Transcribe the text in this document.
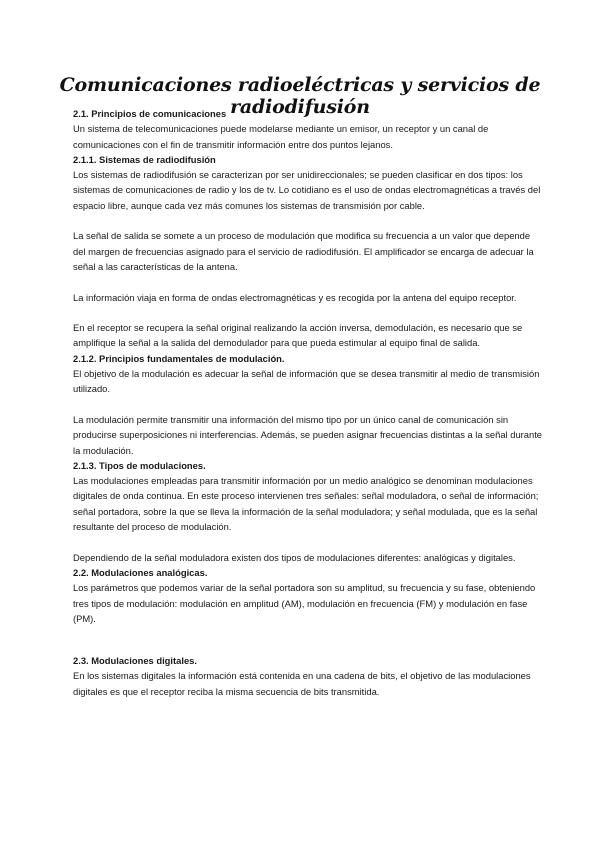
Comunicaciones radioeléctricas y servicios de radiodifusión

2.1. Principios de comunicaciones

Un sistema de telecomunicaciones puede modelarse mediante un emisor, un receptor y un canal de comunicaciones con el fin de transmitir información entre dos puntos lejanos.

2.1.1. Sistemas de radiodifusión

Los sistemas de radiodifusión se caracterizan por ser unidireccionales; se pueden clasificar en dos tipos: los sistemas de comunicaciones de radio y los de tv. Lo cotidiano es el uso de ondas electromagnéticas a través del espacio libre, aunque cada vez más comunes los sistemas de transmisión por cable.

La señal de salida se somete a un proceso de modulación que modifica su frecuencia a un valor que depende del margen de frecuencias asignado para el servicio de radiodifusión. El amplificador se encarga de adecuar la señal a las características de la antena.

La información viaja en forma de ondas electromagnéticas y es recogida por la antena del equipo receptor.

En el receptor se recupera la señal original realizando la acción inversa, demodulación, es necesario que se amplifique la señal a la salida del demodulador para que pueda estimular al equipo final de salida.

2.1.2. Principios fundamentales de modulación.

El objetivo de la modulación es adecuar la señal de información que se desea transmitir al medio de transmisión utilizado.

La modulación permite transmitir una información del mismo tipo por un único canal de comunicación sin producirse superposiciones ni interferencias. Además, se pueden asignar frecuencias distintas a la señal durante la modulación.

2.1.3. Tipos de modulaciones.

Las modulaciones empleadas para transmitir información por un medio analógico se denominan modulaciones digitales de onda continua. En este proceso intervienen tres señales: señal moduladora, o señal de información; señal portadora, sobre la que se lleva la información de la señal moduladora; y señal modulada, que es la señal resultante del proceso de modulación.

Dependiendo de la señal moduladora existen dos tipos de modulaciones diferentes: analógicas y digitales.

2.2. Modulaciones analógicas.

Los parámetros que podemos variar de la señal portadora son su amplitud, su frecuencia y su fase, obteniendo tres tipos de modulación: modulación en amplitud (AM), modulación en frecuencia (FM) y modulación en fase (PM).

2.3. Modulaciones digitales.

En los sistemas digitales la información está contenida en una cadena de bits, el objetivo de las modulaciones digitales es que el receptor reciba la misma secuencia de bits transmitida.
